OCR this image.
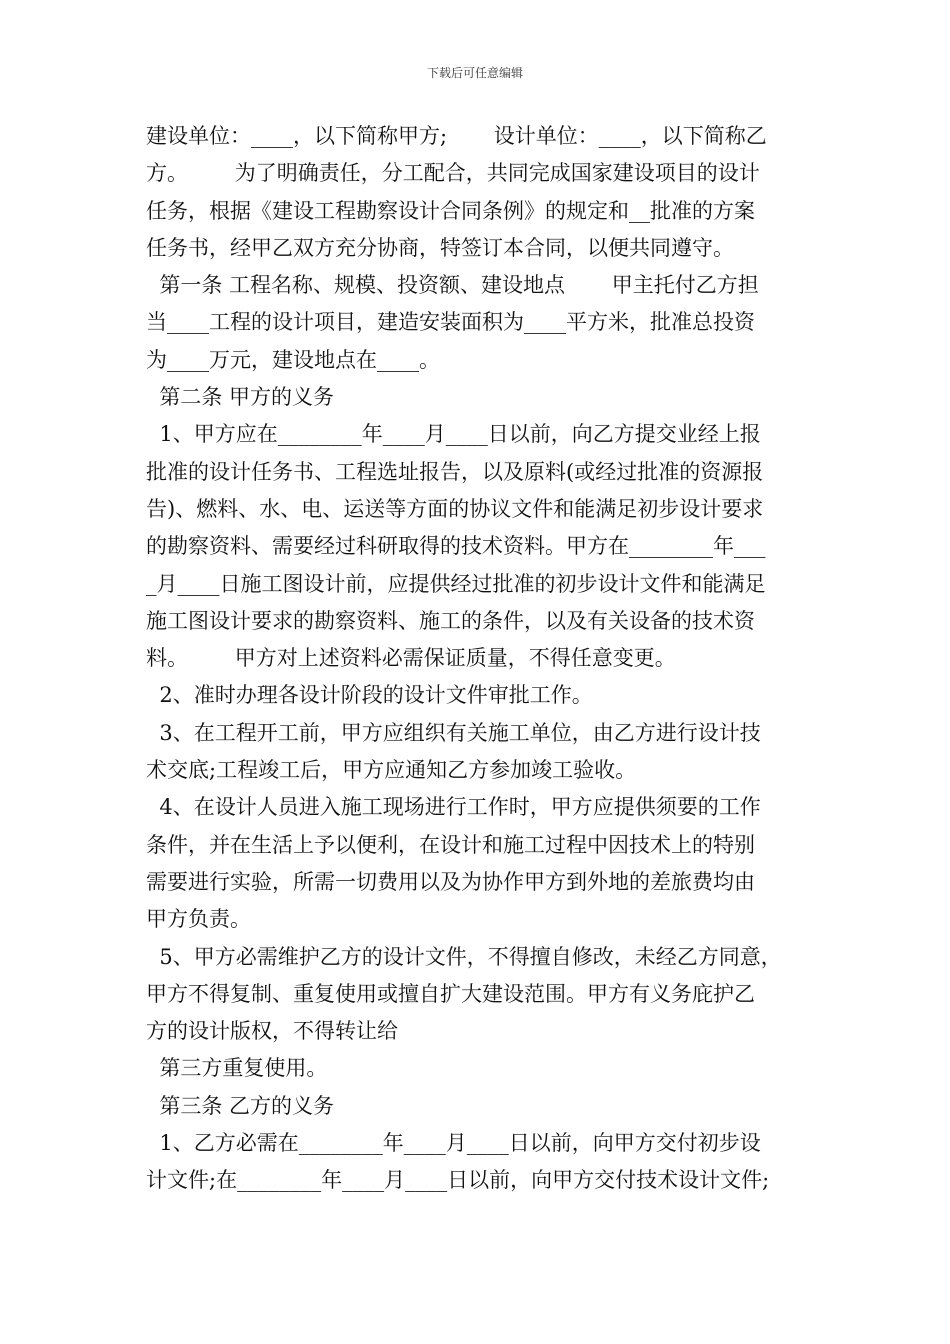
下载后可任意编辑
建设单位：____，以下简称甲方;       设计单位：____，以下简称乙
方。       为了明确责任，分工配合，共同完成国家建设项目的设计
任务，根据《建设工程勘察设计合同条例》的规定和__批准的方案
任务书，经甲乙双方充分协商，特签订本合同，以便共同遵守。
第一条 工程名称、规模、投资额、建设地点       甲主托付乙方担
当____工程的设计项目，建造安装面积为____平方米，批准总投资
为____万元，建设地点在____。
第二条 甲方的义务
1、甲方应在________年____月____日以前，向乙方提交业经上报
批准的设计任务书、工程选址报告，以及原料(或经过批准的资源报
告)、燃料、水、电、运送等方面的协议文件和能满足初步设计要求
的勘察资料、需要经过科研取得的技术资料。甲方在________年___
_月____日施工图设计前，应提供经过批准的初步设计文件和能满足
施工图设计要求的勘察资料、施工的条件，以及有关设备的技术资
料。       甲方对上述资料必需保证质量，不得任意变更。
2、准时办理各设计阶段的设计文件审批工作。
3、在工程开工前，甲方应组织有关施工单位，由乙方进行设计技
术交底;工程竣工后，甲方应通知乙方参加竣工验收。
4、在设计人员进入施工现场进行工作时，甲方应提供须要的工作
条件，并在生活上予以便利，在设计和施工过程中因技术上的特别
需要进行实验，所需一切费用以及为协作甲方到外地的差旅费均由
甲方负责。
5、甲方必需维护乙方的设计文件，不得擅自修改，未经乙方同意，
甲方不得复制、重复使用或擅自扩大建设范围。甲方有义务庇护乙
方的设计版权，不得转让给
第三方重复使用。
第三条 乙方的义务
1、乙方必需在________年____月____日以前，向甲方交付初步设
计文件;在________年____月____日以前，向甲方交付技术设计文件;
